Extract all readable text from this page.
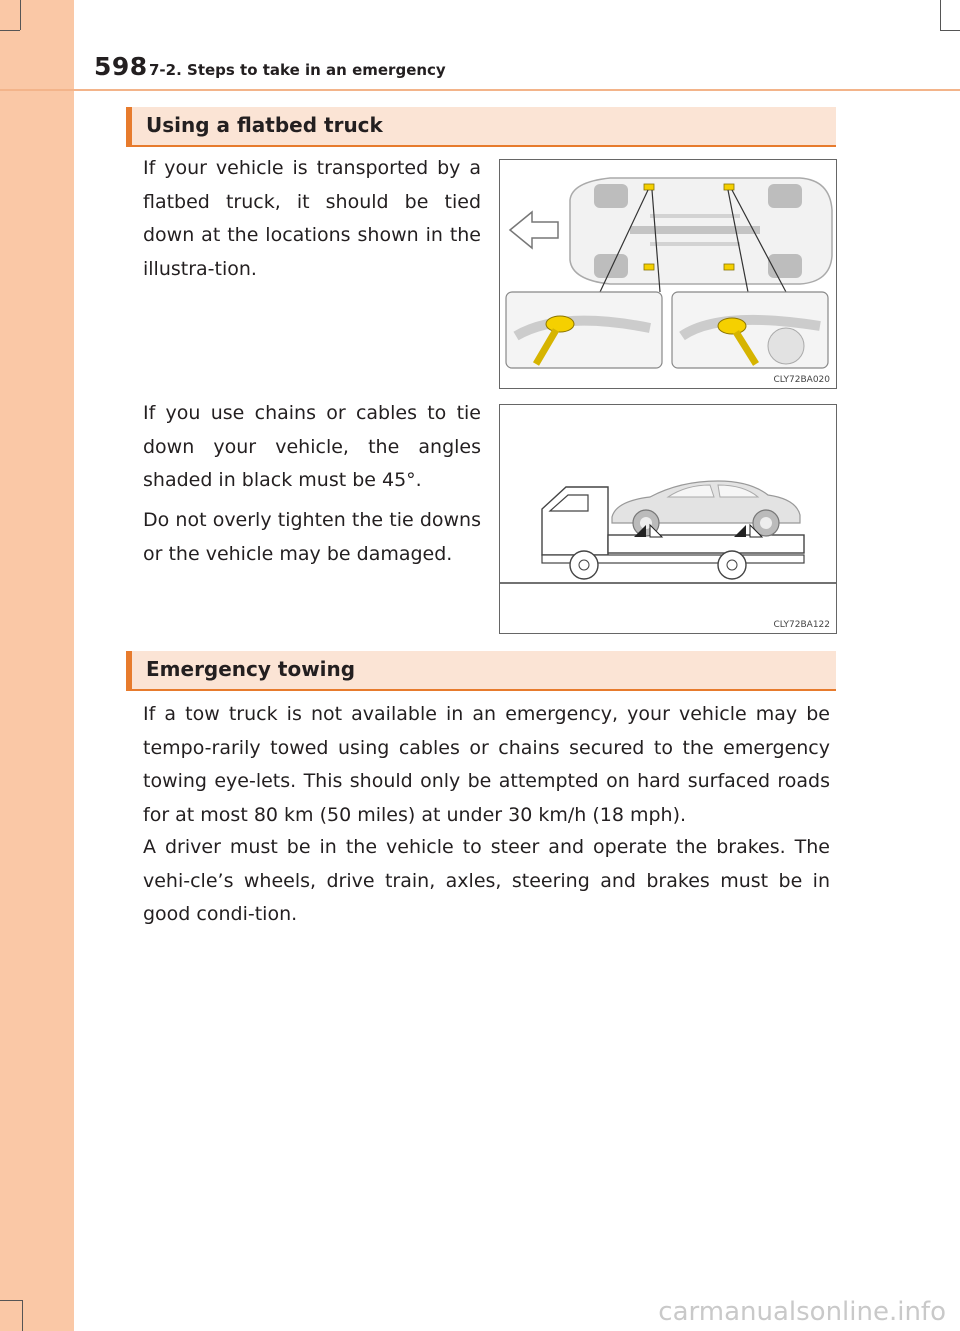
598 7-2. Steps to take in an emergency
Using a flatbed truck

If your vehicle is transported by a flatbed truck, it should be tied down at the locations shown in the illustra-tion.

CLY72BA020

If you use chains or cables to tie down your vehicle, the angles shaded in black must be 45°.

Do not overly tighten the tie downs or the vehicle may be damaged.

CLY72BA122
Emergency towing

If a tow truck is not available in an emergency, your vehicle may be tempo-rarily towed using cables or chains secured to the emergency towing eye-lets. This should only be attempted on hard surfaced roads for at most 80 km (50 miles) at under 30 km/h (18 mph).

A driver must be in the vehicle to steer and operate the brakes. The vehi-cle’s wheels, drive train, axles, steering and brakes must be in good condi-tion.

carmanualsonline.info
